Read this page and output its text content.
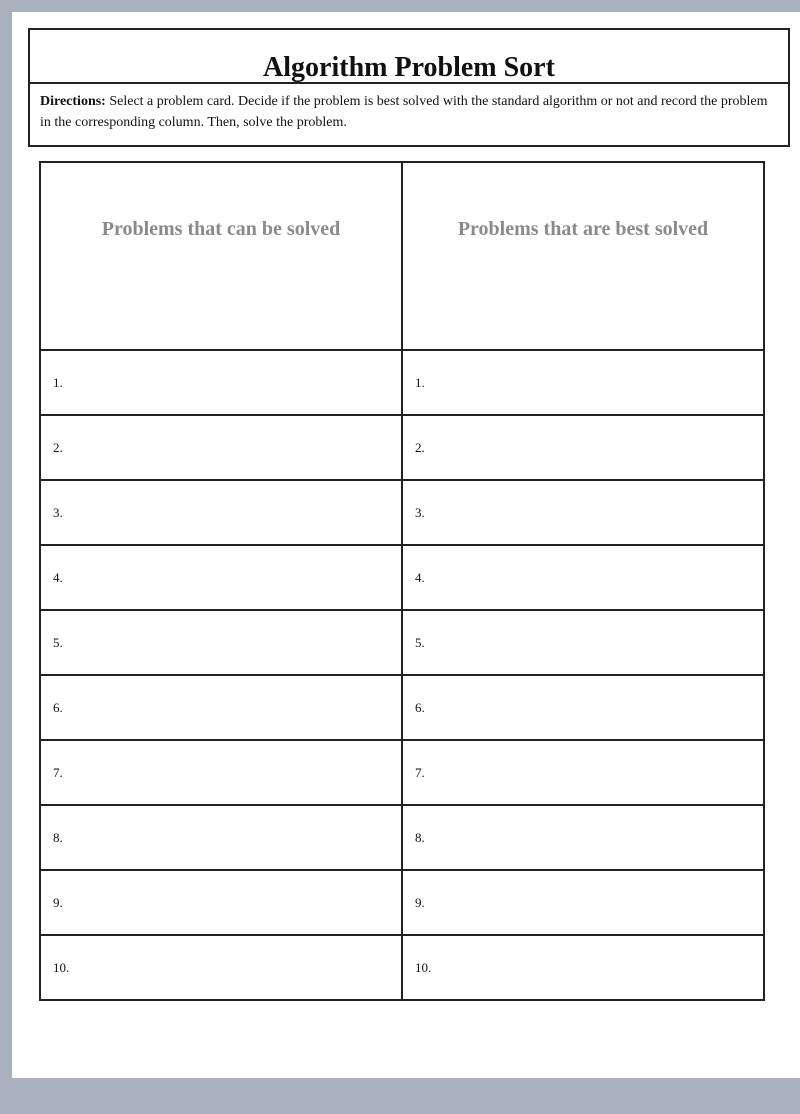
Algorithm Problem Sort
Directions: Select a problem card. Decide if the problem is best solved with the standard algorithm or not and record the problem in the corresponding column. Then, solve the problem.
Problems that can be solved	Problems that are best solved
1.	1.
2.	2.
3.	3.
4.	4.
5.	5.
6.	6.
7.	7.
8.	8.
9.	9.
10.	10.
